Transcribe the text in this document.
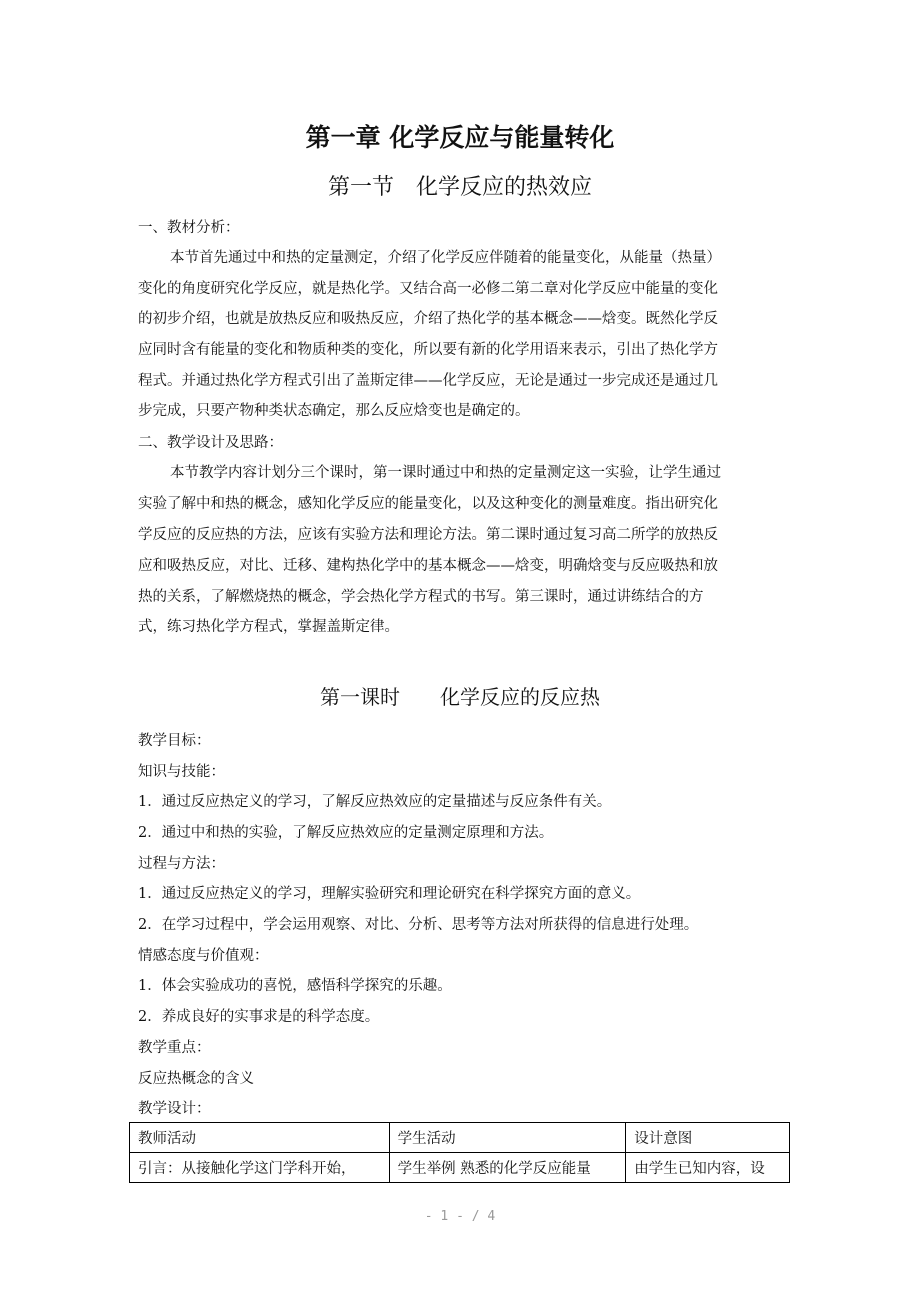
第一章 化学反应与能量转化
第一节　化学反应的热效应
一、教材分析：
本节首先通过中和热的定量测定，介绍了化学反应伴随着的能量变化，从能量（热量）
变化的角度研究化学反应，就是热化学。又结合高一必修二第二章对化学反应中能量的变化
的初步介绍，也就是放热反应和吸热反应，介绍了热化学的基本概念——焓变。既然化学反
应同时含有能量的变化和物质种类的变化，所以要有新的化学用语来表示，引出了热化学方
程式。并通过热化学方程式引出了盖斯定律——化学反应，无论是通过一步完成还是通过几
步完成，只要产物种类状态确定，那么反应焓变也是确定的。
二、教学设计及思路：
本节教学内容计划分三个课时，第一课时通过中和热的定量测定这一实验，让学生通过
实验了解中和热的概念，感知化学反应的能量变化，以及这种变化的测量难度。指出研究化
学反应的反应热的方法，应该有实验方法和理论方法。第二课时通过复习高二所学的放热反
应和吸热反应，对比、迁移、建构热化学中的基本概念——焓变，明确焓变与反应吸热和放
热的关系，了解燃烧热的概念，学会热化学方程式的书写。第三课时，通过讲练结合的方
式，练习热化学方程式，掌握盖斯定律。
第一课时　　化学反应的反应热
教学目标：
知识与技能：
1．通过反应热定义的学习，了解反应热效应的定量描述与反应条件有关。
2．通过中和热的实验，了解反应热效应的定量测定原理和方法。
过程与方法：
1．通过反应热定义的学习，理解实验研究和理论研究在科学探究方面的意义。
2．在学习过程中，学会运用观察、对比、分析、思考等方法对所获得的信息进行处理。
情感态度与价值观：
1．体会实验成功的喜悦，感悟科学探究的乐趣。
2．养成良好的实事求是的科学态度。
教学重点：
反应热概念的含义
教学设计：
教师活动	学生活动	设计意图
引言：从接触化学这门学科开始，	学生举例 熟悉的化学反应能量	由学生已知内容，设
- 1 - / 4
